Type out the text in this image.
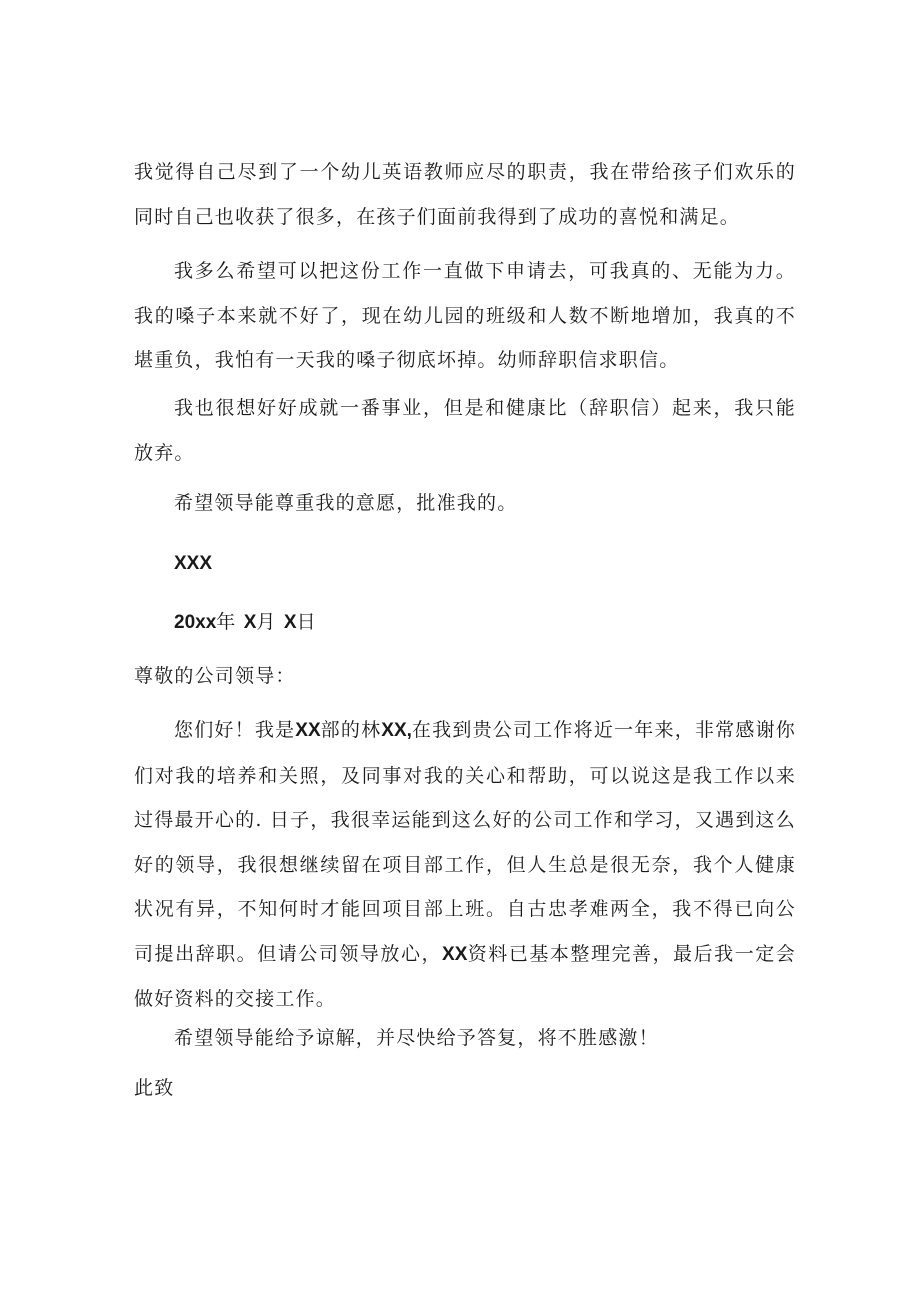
我觉得自己尽到了一个幼儿英语教师应尽的职责，我在带给孩子们欢乐的同时自己也收获了很多，在孩子们面前我得到了成功的喜悦和满足。
我多么希望可以把这份工作一直做下申请去，可我真的、无能为力。我的嗓子本来就不好了，现在幼儿园的班级和人数不断地增加，我真的不堪重负，我怕有一天我的嗓子彻底坏掉。幼师辞职信求职信。
我也很想好好成就一番事业，但是和健康比（辞职信）起来，我只能放弃。
希望领导能尊重我的意愿，批准我的。
XXX
20xx年 X月 X日
尊敬的公司领导：
您们好！我是XX部的林XX,在我到贵公司工作将近一年来，非常感谢你们对我的培养和关照，及同事对我的关心和帮助，可以说这是我工作以来过得最开心的. 日子，我很幸运能到这么好的公司工作和学习，又遇到这么好的领导，我很想继续留在项目部工作，但人生总是很无奈，我个人健康状况有异，不知何时才能回项目部上班。自古忠孝难两全，我不得已向公司提出辞职。但请公司领导放心，XX资料已基本整理完善，最后我一定会做好资料的交接工作。
希望领导能给予谅解，并尽快给予答复，将不胜感激！
此致
